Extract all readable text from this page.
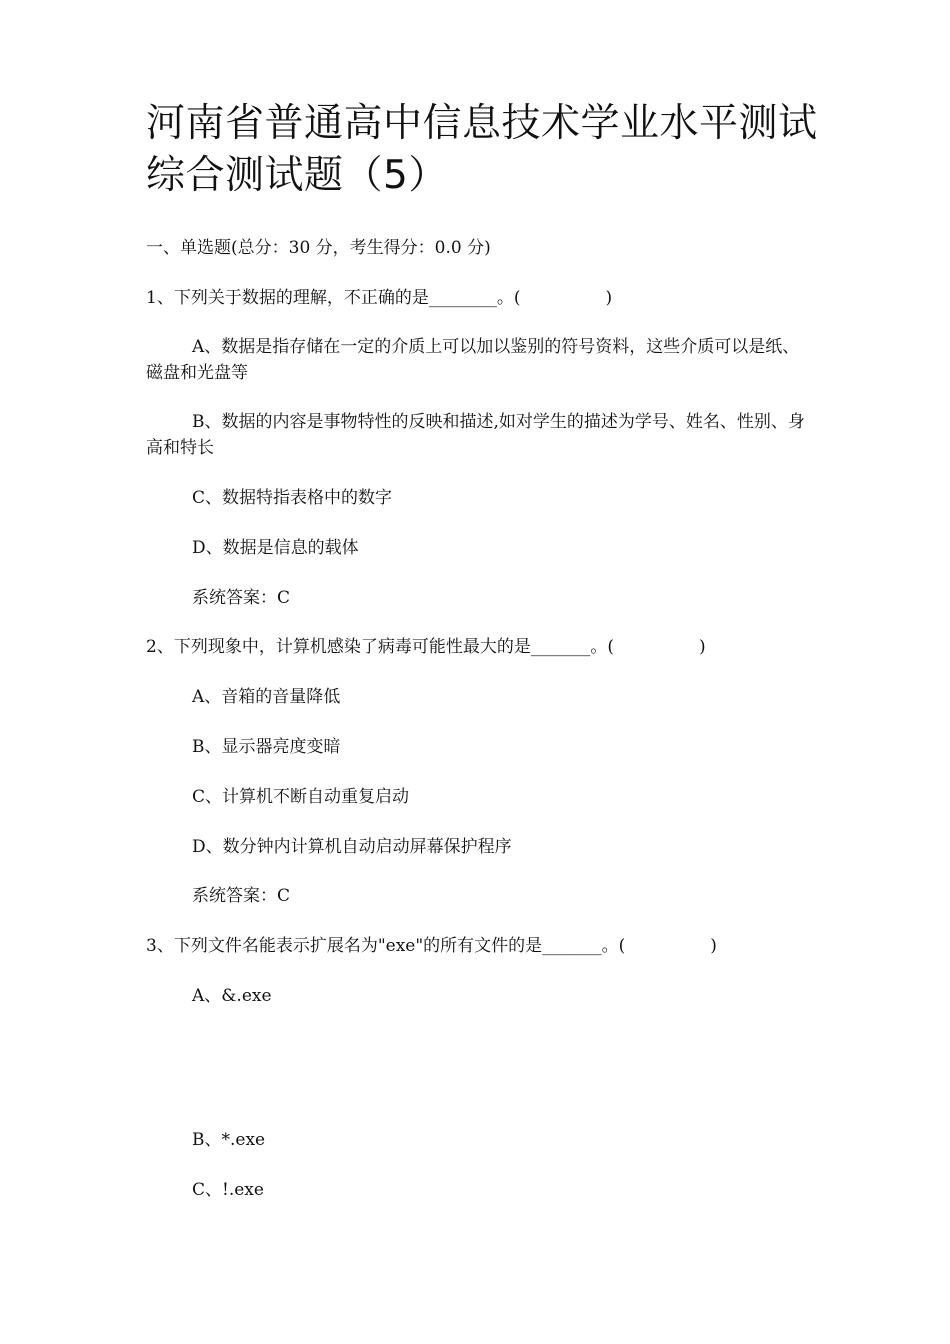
河南省普通高中信息技术学业水平测试综合测试题（5）
一、单选题(总分：30 分，考生得分：0.0 分)
1、下列关于数据的理解，不正确的是________。(　　　　　)
A、数据是指存储在一定的介质上可以加以鉴别的符号资料，这些介质可以是纸、磁盘和光盘等
B、数据的内容是事物特性的反映和描述,如对学生的描述为学号、姓名、性别、身高和特长
C、数据特指表格中的数字
D、数据是信息的载体
系统答案：C
2、下列现象中，计算机感染了病毒可能性最大的是_______。(　　　　　)
A、音箱的音量降低
B、显示器亮度变暗
C、计算机不断自动重复启动
D、数分钟内计算机自动启动屏幕保护程序
系统答案：C
3、下列文件名能表示扩展名为"exe"的所有文件的是_______。(　　　　　)
A、&.exe
B、*.exe
C、!.exe
